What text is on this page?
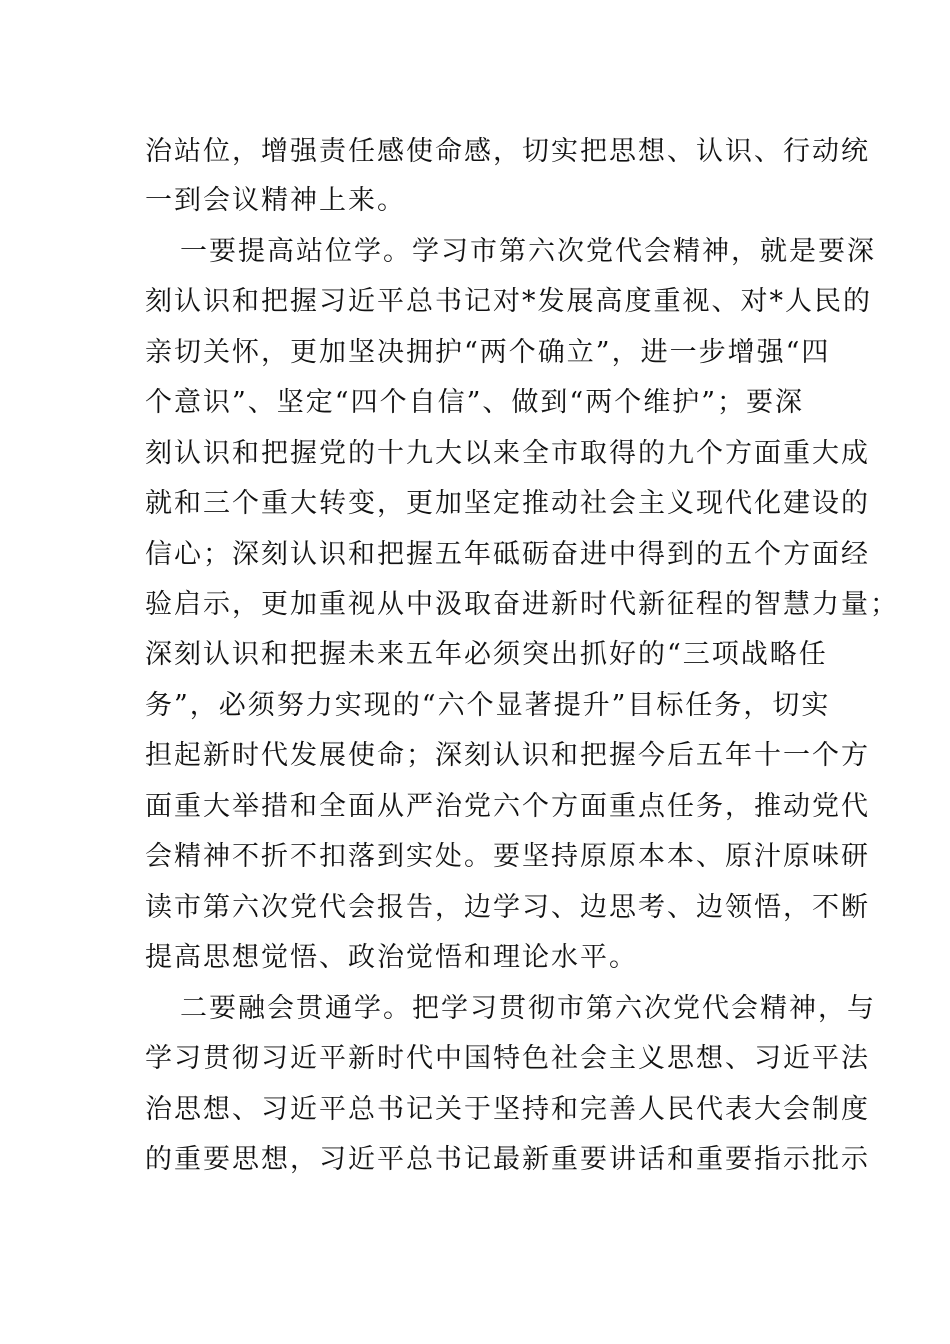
治站位，增强责任感使命感，切实把思想、认识、行动统
一到会议精神上来。
一要提高站位学。学习市第六次党代会精神，就是要深
刻认识和把握习近平总书记对*发展高度重视、对*人民的
亲切关怀，更加坚决拥护“两个确立”，进一步增强“四
个意识”、坚定“四个自信”、做到“两个维护”；要深
刻认识和把握党的十九大以来全市取得的九个方面重大成
就和三个重大转变，更加坚定推动社会主义现代化建设的
信心；深刻认识和把握五年砥砺奋进中得到的五个方面经
验启示，更加重视从中汲取奋进新时代新征程的智慧力量；
深刻认识和把握未来五年必须突出抓好的“三项战略任
务”，必须努力实现的“六个显著提升”目标任务，切实
担起新时代发展使命；深刻认识和把握今后五年十一个方
面重大举措和全面从严治党六个方面重点任务，推动党代
会精神不折不扣落到实处。要坚持原原本本、原汁原味研
读市第六次党代会报告，边学习、边思考、边领悟，不断
提高思想觉悟、政治觉悟和理论水平。
二要融会贯通学。把学习贯彻市第六次党代会精神，与
学习贯彻习近平新时代中国特色社会主义思想、习近平法
治思想、习近平总书记关于坚持和完善人民代表大会制度
的重要思想，习近平总书记最新重要讲话和重要指示批示
